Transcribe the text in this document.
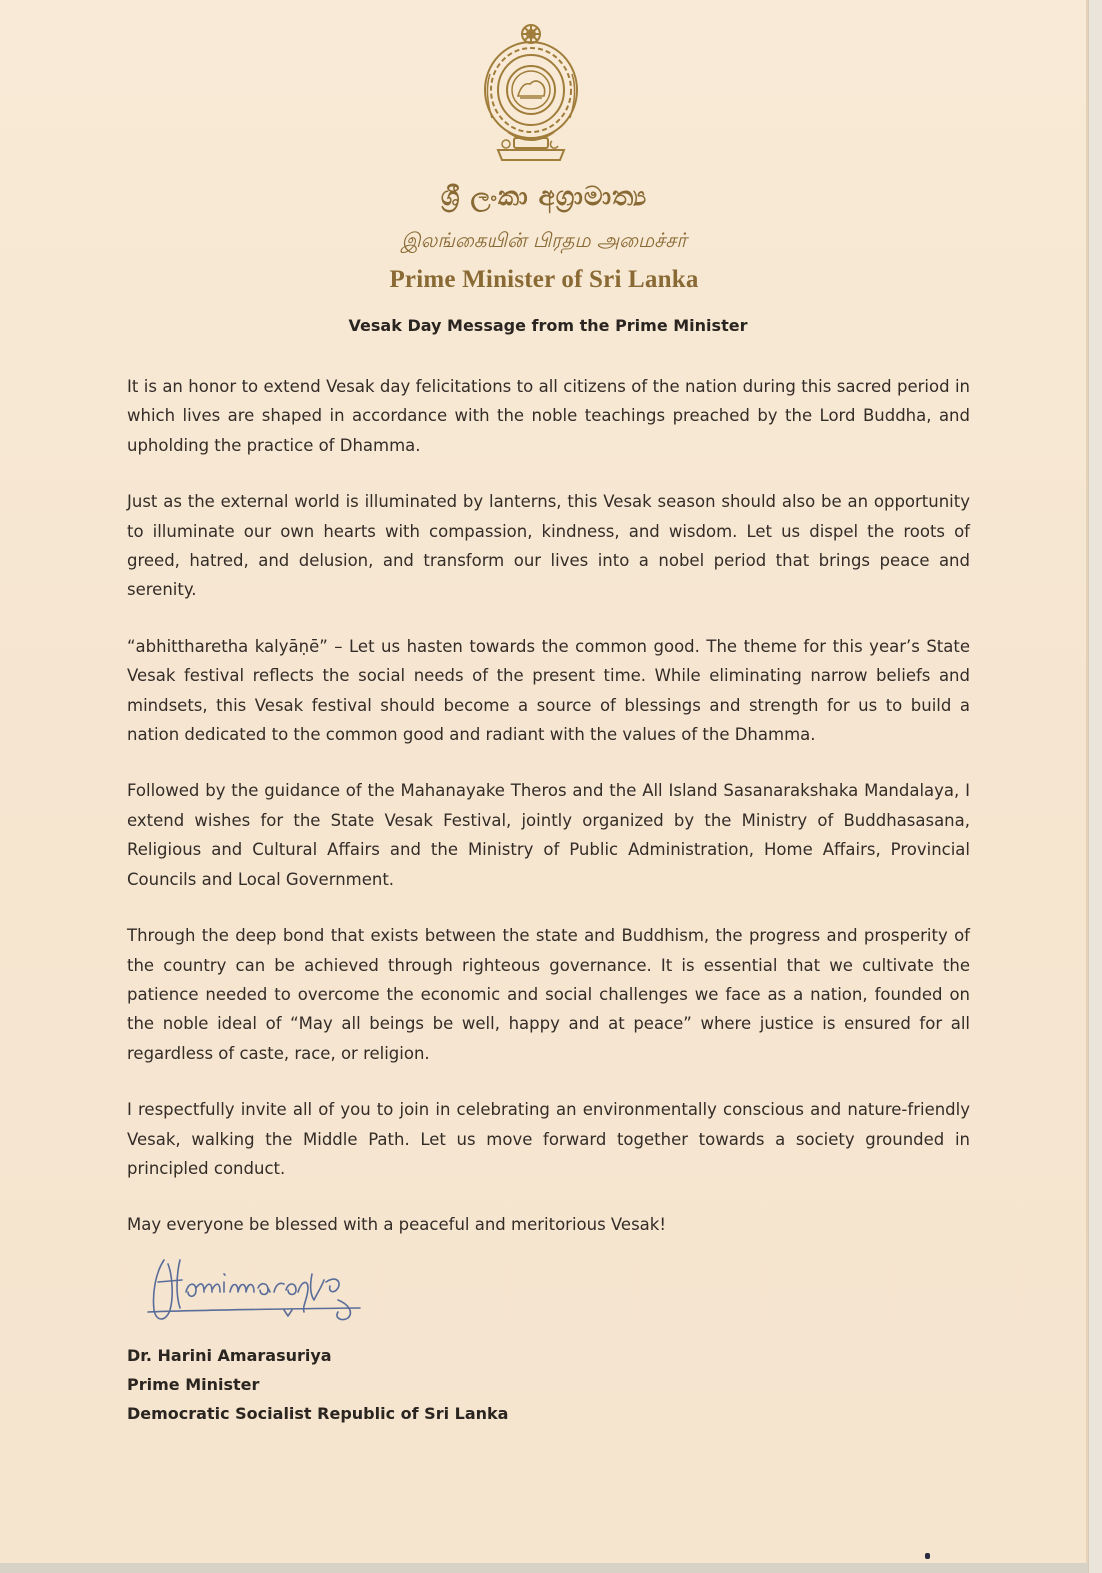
ශ්‍රී ලංකා අග්‍රාමාත්‍ය
இலங்கையின் பிரதம அமைச்சர்
Prime Minister of Sri Lanka
Vesak Day Message from the Prime Minister

It is an honor to extend Vesak day felicitations to all citizens of the nation during this sacred period in which lives are shaped in accordance with the noble teachings preached by the Lord Buddha, and upholding the practice of Dhamma.

Just as the external world is illuminated by lanterns, this Vesak season should also be an opportunity to illuminate our own hearts with compassion, kindness, and wisdom. Let us dispel the roots of greed, hatred, and delusion, and transform our lives into a nobel period that brings peace and serenity.

“abhittharetha kalyāṇē” – Let us hasten towards the common good. The theme for this year’s State Vesak festival reflects the social needs of the present time. While eliminating narrow beliefs and mindsets, this Vesak festival should become a source of blessings and strength for us to build a nation dedicated to the common good and radiant with the values of the Dhamma.

Followed by the guidance of the Mahanayake Theros and the All Island Sasanarakshaka Mandalaya, I extend wishes for the State Vesak Festival, jointly organized by the Ministry of Buddhasasana, Religious and Cultural Affairs and the Ministry of Public Administration, Home Affairs, Provincial Councils and Local Government.

Through the deep bond that exists between the state and Buddhism, the progress and prosperity of the country can be achieved through righteous governance. It is essential that we cultivate the patience needed to overcome the economic and social challenges we face as a nation, founded on the noble ideal of “May all beings be well, happy and at peace” where justice is ensured for all regardless of caste, race, or religion.

I respectfully invite all of you to join in celebrating an environmentally conscious and nature-friendly Vesak, walking the Middle Path. Let us move forward together towards a society grounded in principled conduct.

May everyone be blessed with a peaceful and meritorious Vesak!

Dr. Harini Amarasuriya
Prime Minister
Democratic Socialist Republic of Sri Lanka
